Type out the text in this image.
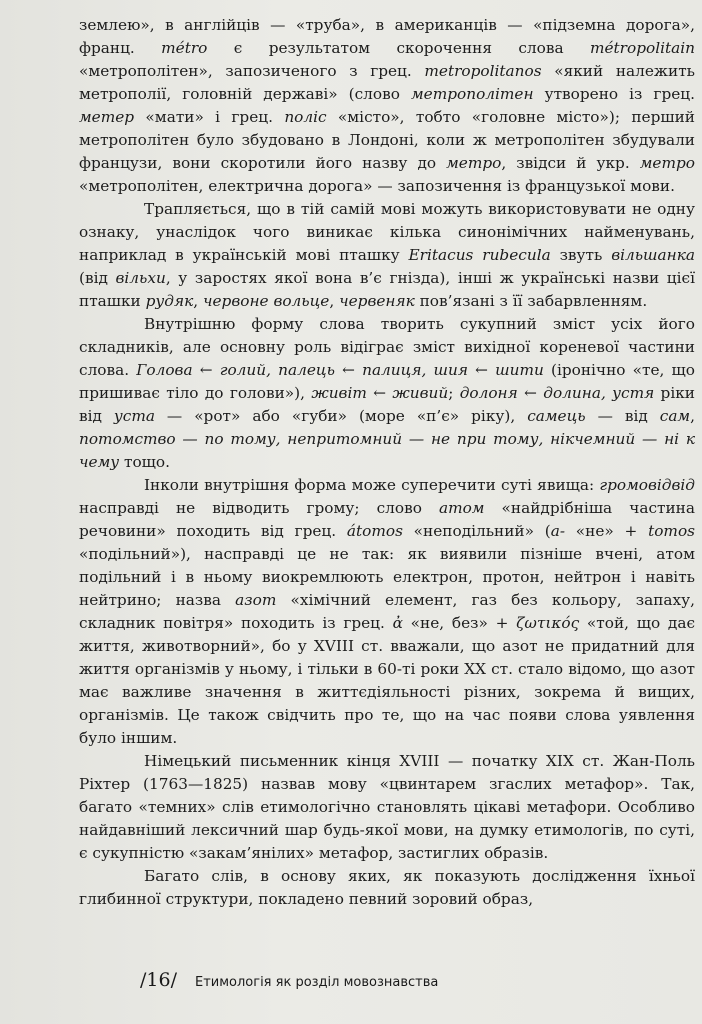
землею», в англійців — «труба», в американців — «підземна дорога», франц. métro є результатом скорочення слова métropolitain «метрополітен», запозиченого з грец. metropolitanos «який належить метрополії, головній державі» (слово метрополітен утворено із грец. метер «мати» і грец. поліс «місто», тобто «головне місто»); перший метрополітен було збудовано в Лондоні, коли ж метрополітен збудували французи, вони скоротили його назву до метро, звідси й укр. метро «метрополітен, електрична дорога» — запозичення із французької мови.

Трапляється, що в тій самій мові можуть використовувати не одну ознаку, унаслідок чого виникає кілька синонімічних найменувань, наприклад в українській мові пташку Eritacus rubecula звуть вільшанка (від вільхи, у заростях якої вона в’є гнізда), інші ж українські назви цієї пташки рудяк, червоне вольце, червеняк пов’язані з її забарвленням.

Внутрішню форму слова творить сукупний зміст усіх його складників, але основну роль відіграє зміст вихідної кореневої частини слова. Голова ← голий, палець ← палиця, шия ← шити (іронічно «те, що пришиває тіло до голови»), живіт ← живий; долоня ← долина, устя ріки від уста — «рот» або «губи» (море «п’є» ріку), самець — від сам, потомство — по тому, непритомний — не при тому, нікчемний — ні к чему тощо.

Інколи внутрішня форма може суперечити суті явища: громовідвід насправді не відводить грому; слово атом «найдрібніша частина речовини» походить від грец. átomos «неподільний» (a- «не» + tomos «подільний»), насправді це не так: як виявили пізніше вчені, атом подільний і в ньому виокремлюють електрон, протон, нейтрон і навіть нейтрино; назва азот «хімічний елемент, газ без кольору, запаху, складник повітря» походить із грец. ἀ «не, без» + ζωτικός «той, що дає життя, животворний», бо у XVIII ст. вважали, що азот не придатний для життя організмів у ньому, і тільки в 60-ті роки XX ст. стало відомо, що азот має важливе значення в життєдіяльності різних, зокрема й вищих, організмів. Це також свідчить про те, що на час появи слова уявлення було іншим.

Німецький письменник кінця XVIII — початку XIX ст. Жан-Поль Ріхтер (1763—1825) назвав мову «цвинтарем згаслих метафор». Так, багато «темних» слів етимологічно становлять цікаві метафори. Особливо найдавніший лексичний шар будь-якої мови, на думку етимологів, по суті, є сукупністю «закам’янілих» метафор, застиглих образів.

Багато слів, в основу яких, як показують дослідження їхньої глибинної структури, покладено певний зоровий образ,

/16/ Етимологія як розділ мовознавства
